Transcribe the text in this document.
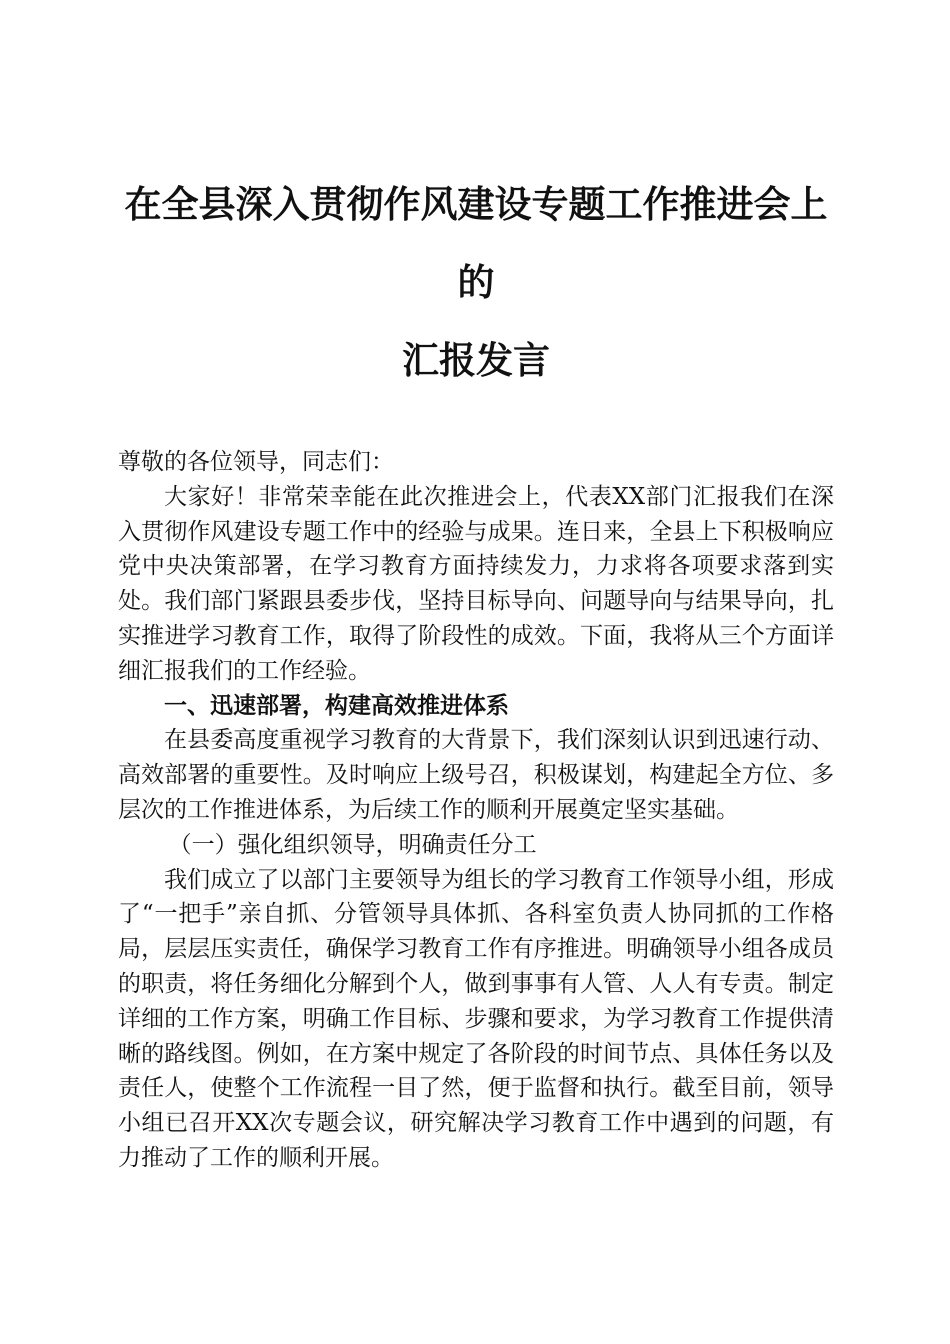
在全县深入贯彻作风建设专题工作推进会上的
汇报发言

尊敬的各位领导，同志们：

大家好！非常荣幸能在此次推进会上，代表XX部门汇报我们在深入贯彻作风建设专题工作中的经验与成果。连日来，全县上下积极响应党中央决策部署，在学习教育方面持续发力，力求将各项要求落到实处。我们部门紧跟县委步伐，坚持目标导向、问题导向与结果导向，扎实推进学习教育工作，取得了阶段性的成效。下面，我将从三个方面详细汇报我们的工作经验。

一、迅速部署，构建高效推进体系

在县委高度重视学习教育的大背景下，我们深刻认识到迅速行动、高效部署的重要性。及时响应上级号召，积极谋划，构建起全方位、多层次的工作推进体系，为后续工作的顺利开展奠定坚实基础。

（一）强化组织领导，明确责任分工

我们成立了以部门主要领导为组长的学习教育工作领导小组，形成了“一把手”亲自抓、分管领导具体抓、各科室负责人协同抓的工作格局，层层压实责任，确保学习教育工作有序推进。明确领导小组各成员的职责，将任务细化分解到个人，做到事事有人管、人人有专责。制定详细的工作方案，明确工作目标、步骤和要求，为学习教育工作提供清晰的路线图。例如，在方案中规定了各阶段的时间节点、具体任务以及责任人，使整个工作流程一目了然，便于监督和执行。截至目前，领导小组已召开XX次专题会议，研究解决学习教育工作中遇到的问题，有力推动了工作的顺利开展。
